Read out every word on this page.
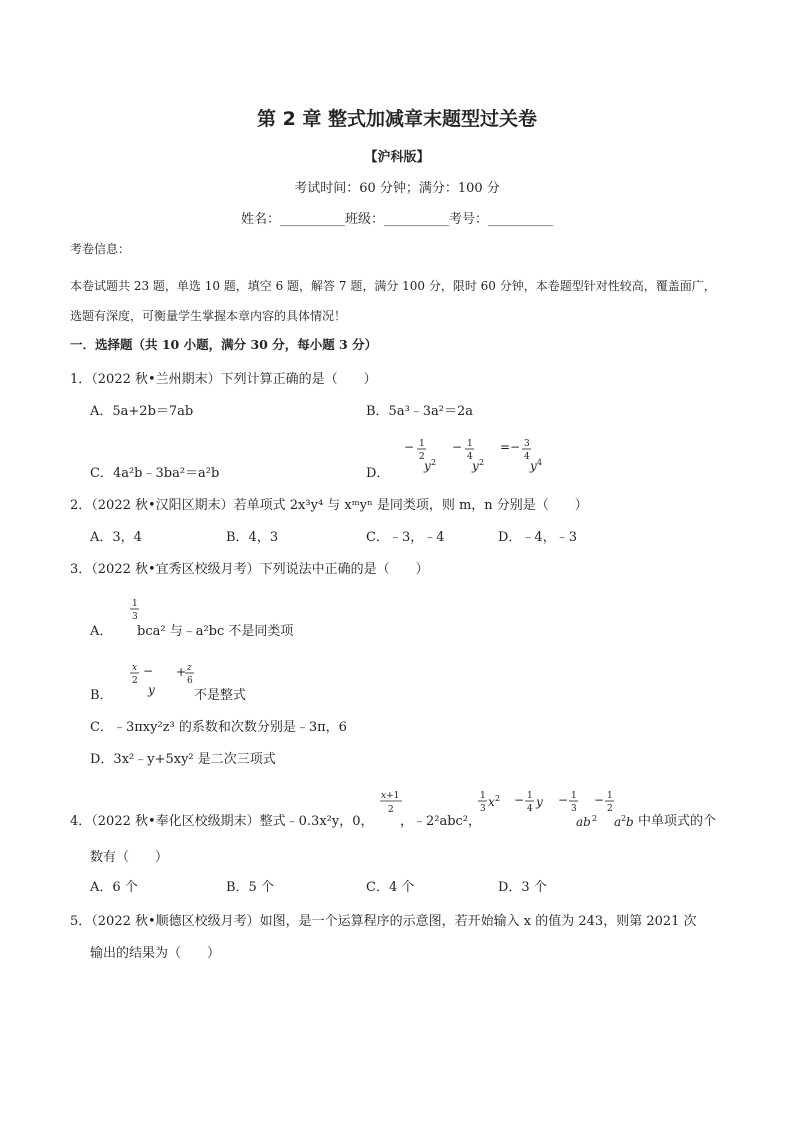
第 2 章 整式加减章末题型过关卷
【沪科版】
考试时间：60 分钟；满分：100 分
姓名：__________班级：__________考号：__________
考卷信息：
本卷试题共 23 题，单选 10 题，填空 6 题，解答 7 题，满分 100 分，限时 60 分钟，本卷题型针对性较高，覆盖面广，选题有深度，可衡量学生掌握本章内容的具体情况！
一．选择题（共 10 小题，满分 30 分，每小题 3 分）
1．（2022 秋•兰州期末）下列计算正确的是（　　）
A．5a+2b＝7ab	B．5a³﹣3a²＝2a
C．4a²b﹣3ba²＝a²b	D．
− 1
2
y 2
− 1
4
y 2
=− 3
4
y 4
2．（2022 秋•汉阳区期末）若单项式 2x³y⁴ 与 xᵐyⁿ 是同类项，则 m，n 分别是（　　）
A．3，4	B．4，3	C．﹣3，﹣4	D．﹣4，﹣3
3．（2022 秋•宜秀区校级月考）下列说法中正确的是（　　）
A．
1
3
bca² 与﹣a²bc 不是同类项
B．
x
2
−
y
+ z
6
不是整式
C．﹣3πxy²z³ 的系数和次数分别是﹣3π，6
D．3x²﹣y+5xy² 是二次三项式
4．（2022 秋•奉化区校级期末）整式﹣0.3x²y，0，
x+1
2
，﹣2²abc²，
1
3 x 2 − 1
4 y − 1
3
ab 2
− 1
2
a 2 b 中单项式的个
数有（　　）
A．6 个	B．5 个	C．4 个	D．3 个
5．（2022 秋•顺德区校级月考）如图，是一个运算程序的示意图，若开始输入 x 的值为 243，则第 2021 次
输出的结果为（　　）
